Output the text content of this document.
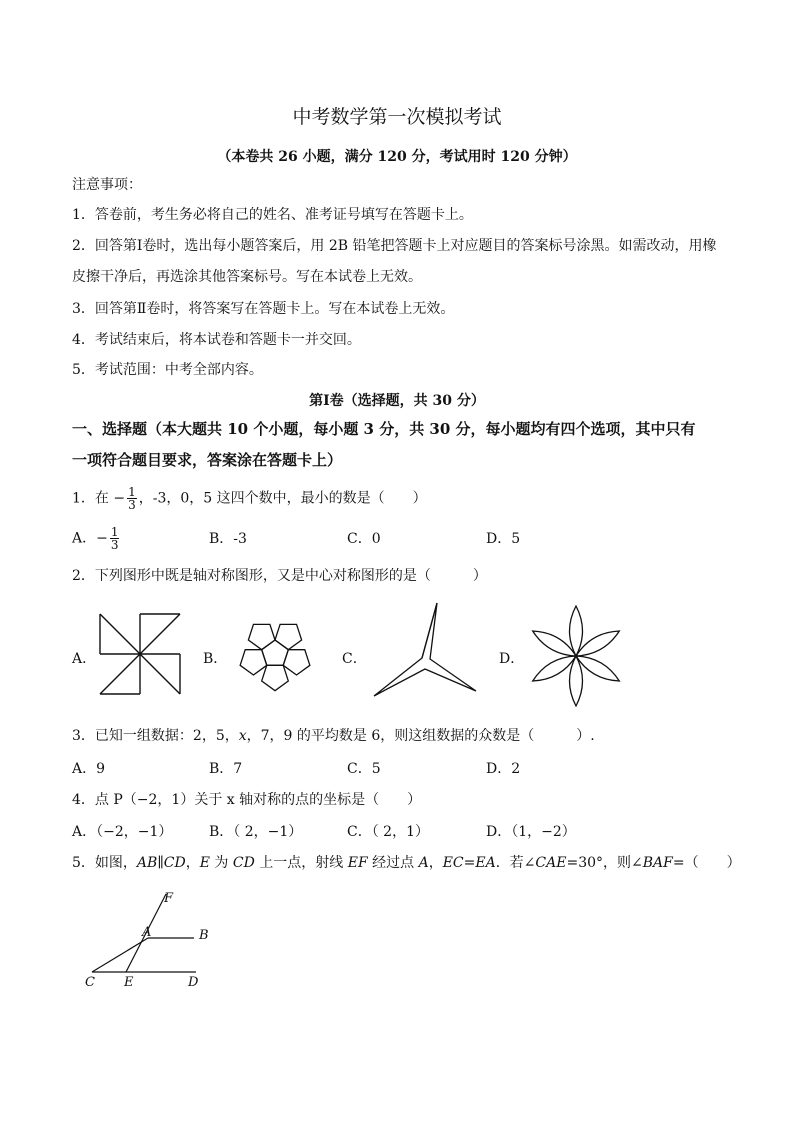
中考数学第一次模拟考试
（本卷共 26 小题，满分 120 分，考试用时 120 分钟）
注意事项：
1．答卷前，考生务必将自己的姓名、准考证号填写在答题卡上。
2．回答第Ⅰ卷时，选出每小题答案后，用 2B 铅笔把答题卡上对应题目的答案标号涂黑。如需改动，用橡
皮擦干净后，再选涂其他答案标号。写在本试卷上无效。
3．回答第Ⅱ卷时，将答案写在答题卡上。写在本试卷上无效。
4．考试结束后，将本试卷和答题卡一并交回。
5．考试范围：中考全部内容。
第Ⅰ卷（选择题，共 30 分）
一、选择题（本大题共 10 个小题，每小题 3 分，共 30 分，每小题均有四个选项，其中只有
一项符合题目要求，答案涂在答题卡上）
1．在 − $\frac{1}{3}$ ，-3，0，5 这四个数中，最小的数是（　　）
A．− $\frac{1}{3}$	B．-3	C．0	D．5
2．下列图形中既是轴对称图形，又是中心对称图形的是（　　　）
A．	B．	C．	D．
3．已知一组数据：2，5，x，7，9 的平均数是 6，则这组数据的众数是（　　　）.
A．9	B．7	C．5	D．2
4．点 P（−2，1）关于 x 轴对称的点的坐标是（　　）
A．（−2，−1）	B．（ 2，−1）	C．（ 2，1）	D．（1，−2）
5．如图，AB∥CD，E 为 CD 上一点，射线 EF 经过点 A，EC=EA．若∠CAE=30°，则∠BAF=（　　）
F
A	B
C E	D
